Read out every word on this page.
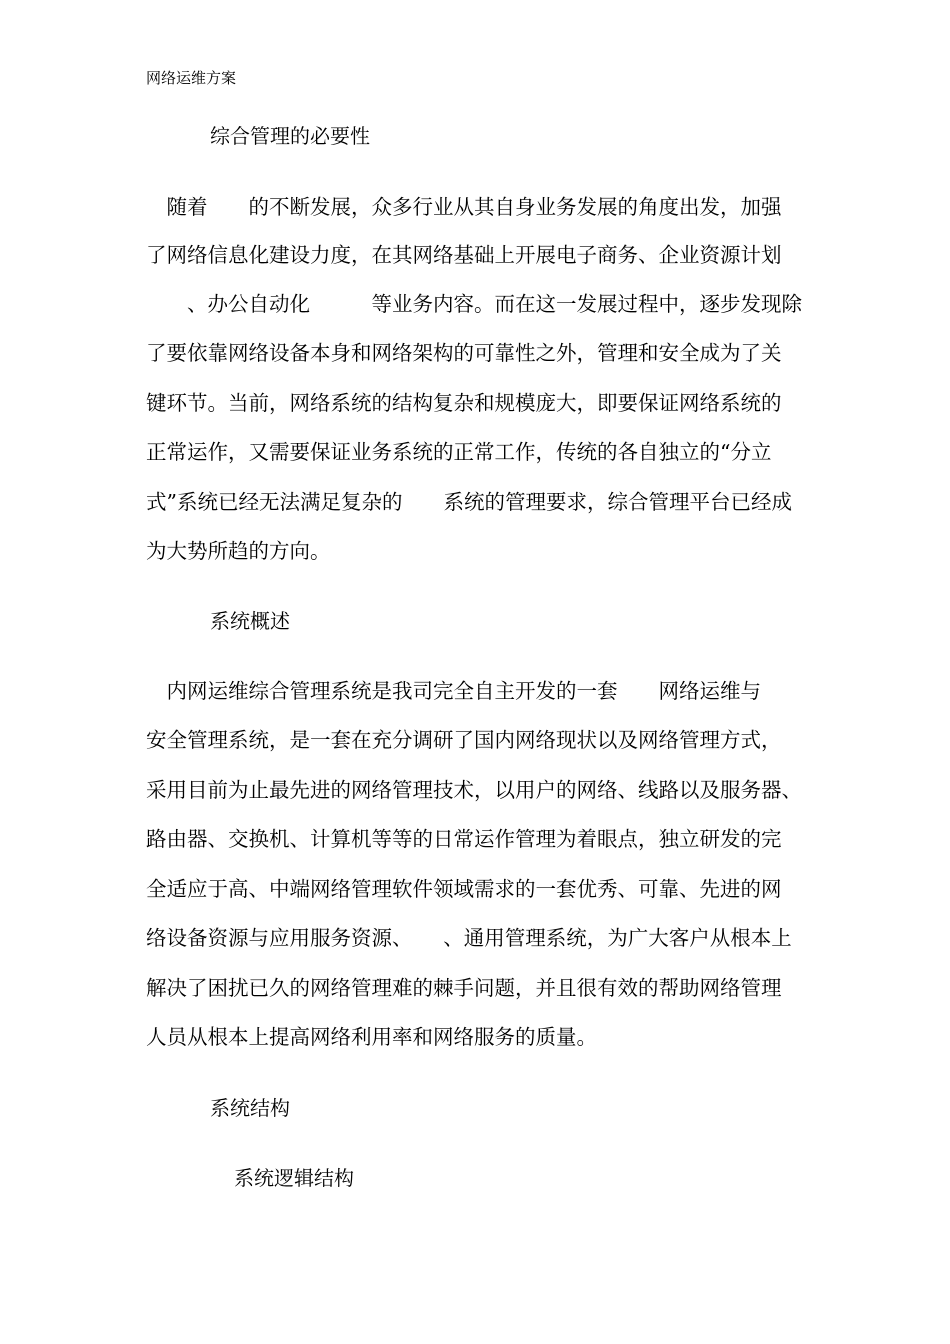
网络运维方案
综合管理的必要性
　随着　　的不断发展，众多行业从其自身业务发展的角度出发，加强
了网络信息化建设力度，在其网络基础上开展电子商务、企业资源计划
　　、办公自动化　　　等业务内容。而在这一发展过程中，逐步发现除
了要依靠网络设备本身和网络架构的可靠性之外，管理和安全成为了关
键环节。当前，网络系统的结构复杂和规模庞大，即要保证网络系统的
正常运作，又需要保证业务系统的正常工作，传统的各自独立的“分立
式”系统已经无法满足复杂的　　系统的管理要求，综合管理平台已经成
为大势所趋的方向。
系统概述
　内网运维综合管理系统是我司完全自主开发的一套　　网络运维与
安全管理系统，是一套在充分调研了国内网络现状以及网络管理方式，
采用目前为止最先进的网络管理技术，以用户的网络、线路以及服务器、
路由器、交换机、计算机等等的日常运作管理为着眼点，独立研发的完
全适应于高、中端网络管理软件领域需求的一套优秀、可靠、先进的网
络设备资源与应用服务资源、　　、通用管理系统，为广大客户从根本上
解决了困扰已久的网络管理难的棘手问题，并且很有效的帮助网络管理
人员从根本上提高网络利用率和网络服务的质量。
系统结构
系统逻辑结构
